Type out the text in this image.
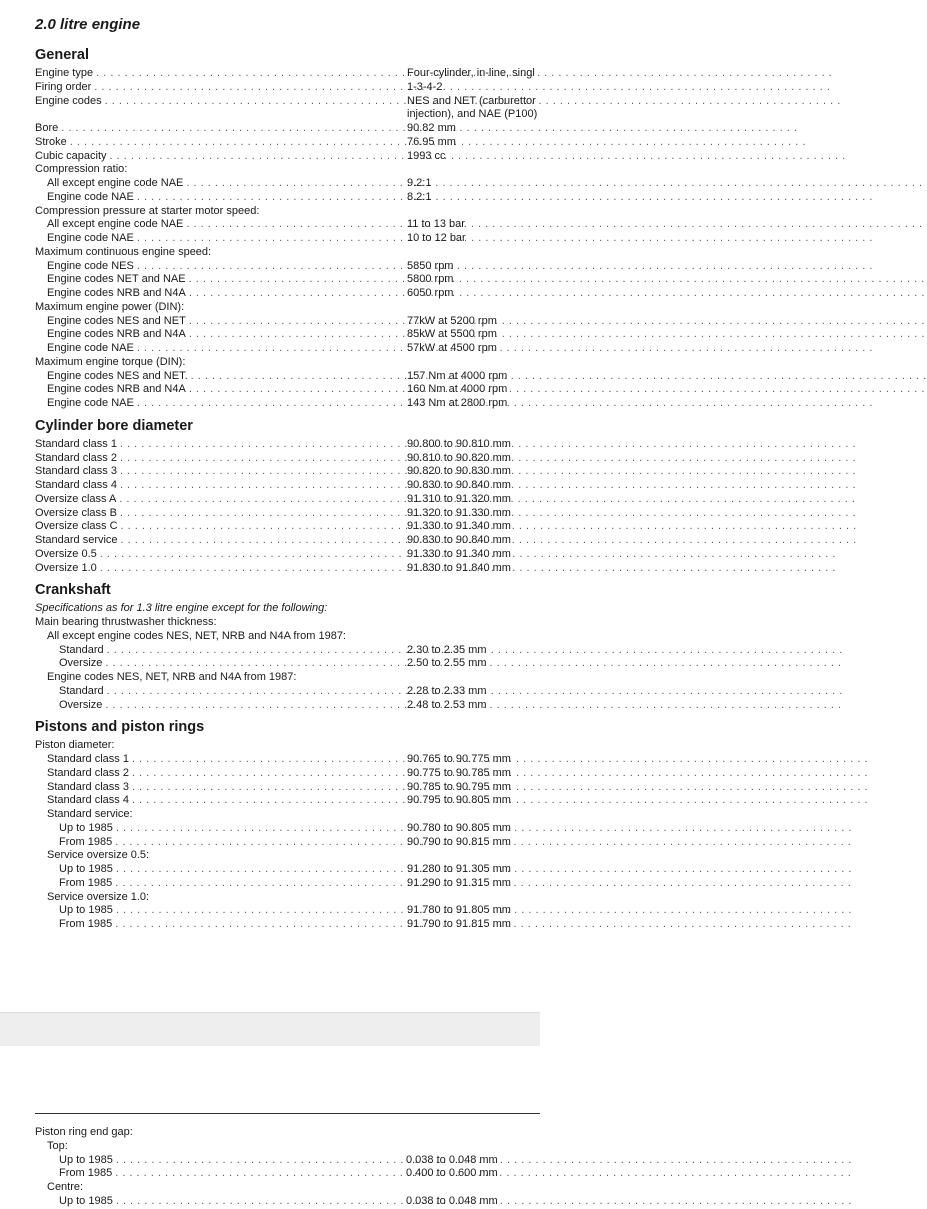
2.0 litre engine
General
Engine type . . .	Four-cylinder, in-line, singl
Firing order . . .	1-3-4-2
Engine codes . . .	NES and NET (carburettor
injection), and NAE (P100)
Bore . . .	90.82 mm
Stroke . . .	76.95 mm
Cubic capacity . . .	1993 cc
Compression ratio:
All except engine code NAE . . .	9.2:1
Engine code NAE . . .	8.2:1
Compression pressure at starter motor speed:
All except engine code NAE . . .	11 to 13 bar
Engine code NAE . . .	10 to 12 bar
Maximum continuous engine speed:
Engine code NES . . .	5850 rpm
Engine codes NET and NAE . . .	5800 rpm
Engine codes NRB and N4A . . .	6050 rpm
Maximum engine power (DIN):
Engine codes NES and NET . . .	77kW at 5200 rpm
Engine codes NRB and N4A . . .	85kW at 5500 rpm
Engine code NAE . . .	57kW at 4500 rpm
Maximum engine torque (DIN):
Engine codes NES and NET. . . .	157 Nm at 4000 rpm
Engine codes NRB and N4A . . .	160 Nm at 4000 rpm
Engine code NAE . . .	143 Nm at 2800 rpm
Cylinder bore diameter
Standard class 1 . . .	90.800 to 90.810 mm
Standard class 2 . . .	90.810 to 90.820 mm
Standard class 3 . . .	90.820 to 90.830 mm
Standard class 4 . . .	90.830 to 90.840 mm
Oversize class A . . .	91.310 to 91.320 mm
Oversize class B . . .	91.320 to 91.330 mm
Oversize class C . . .	91.330 to 91.340 mm
Standard service . . .	90.830 to 90.840 mm
Oversize 0.5 . . .	91.330 to 91.340 mm
Oversize 1.0 . . .	91.830 to 91.840 mm
Crankshaft
Specifications as for 1.3 litre engine except for the following:
Main bearing thrustwasher thickness:
All except engine codes NES, NET, NRB and N4A from 1987:
Standard . . .	2.30 to 2.35 mm
Oversize . . .	2.50 to 2.55 mm
Engine codes NES, NET, NRB and N4A from 1987:
Standard . . .	2.28 to 2.33 mm
Oversize . . .	2.48 to 2.53 mm
Pistons and piston rings
Piston diameter:
Standard class 1 . . .	90.765 to 90.775 mm
Standard class 2 . . .	90.775 to 90.785 mm
Standard class 3 . . .	90.785 to 90.795 mm
Standard class 4 . . .	90.795 to 90.805 mm
Standard service:
Up to 1985 . . .	90.780 to 90.805 mm
From 1985 . . .	90.790 to 90.815 mm
Service oversize 0.5:
Up to 1985 . . .	91.280 to 91.305 mm
From 1985 . . .	91.290 to 91.315 mm
Service oversize 1.0:
Up to 1985 . . .	91.780 to 91.805 mm
From 1985 . . .	91.790 to 91.815 mm
Piston ring end gap:
Top:
Up to 1985 . . .	0.038 to 0.048 mm
From 1985 . . .	0.400 to 0.600 mm
Centre:
Up to 1985 . . .	0.038 to 0.048 mm
